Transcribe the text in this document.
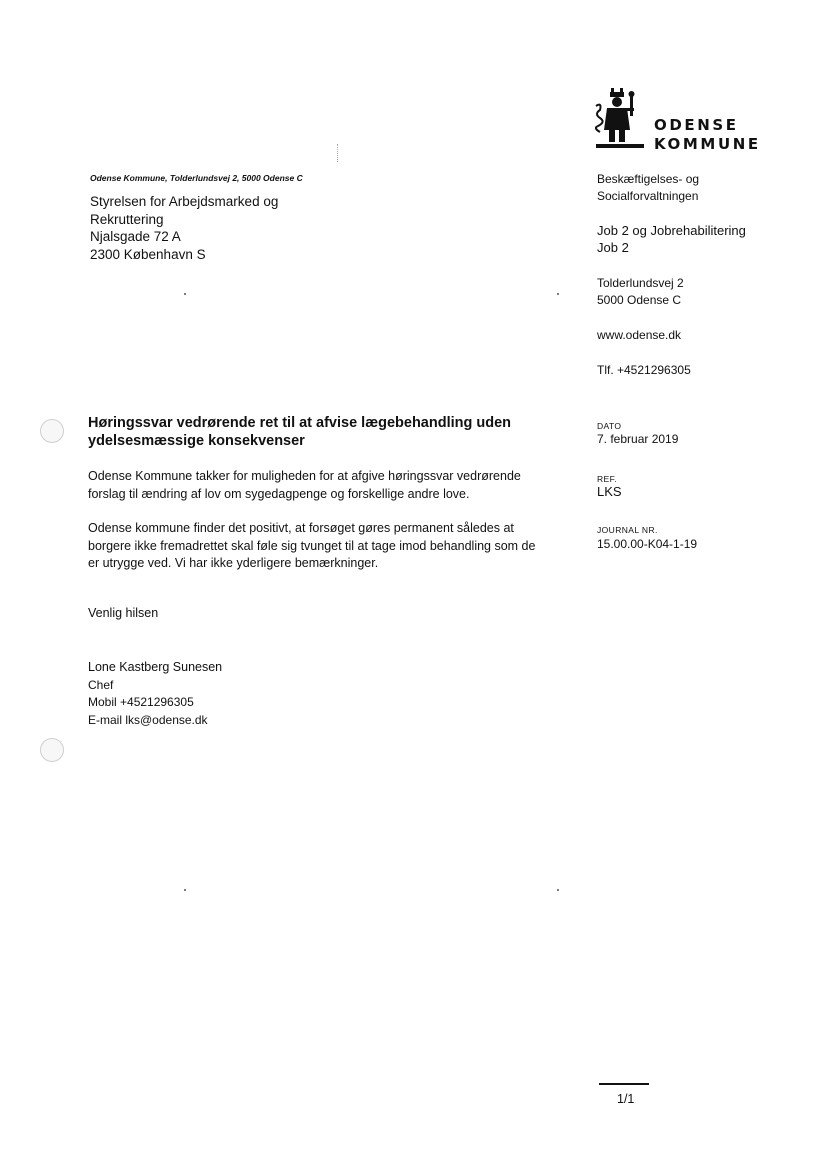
ODENSE
KOMMUNE
Odense Kommune, Tolderlundsvej 2, 5000 Odense C
Styrelsen for Arbejdsmarked og
Rekruttering
Njalsgade 72 A
2300 København S
Beskæftigelses- og
Socialforvaltningen
Job 2 og Jobrehabilitering
Job 2
Tolderlundsvej 2
5000 Odense C
www.odense.dk
Tlf. +4521296305
DATO
7. februar 2019
REF.
LKS
JOURNAL NR.
15.00.00-K04-1-19
Høringssvar vedrørende ret til at afvise lægebehandling uden
ydelsesmæssige konsekvenser
Odense Kommune takker for muligheden for at afgive høringssvar vedrørende
forslag til ændring af lov om sygedagpenge og forskellige andre love.
Odense kommune finder det positivt, at forsøget gøres permanent således at
borgere ikke fremadrettet skal føle sig tvunget til at tage imod behandling som de
er utrygge ved. Vi har ikke yderligere bemærkninger.
Venlig hilsen
Lone Kastberg Sunesen
Chef
Mobil +4521296305
E-mail lks@odense.dk
1/1
